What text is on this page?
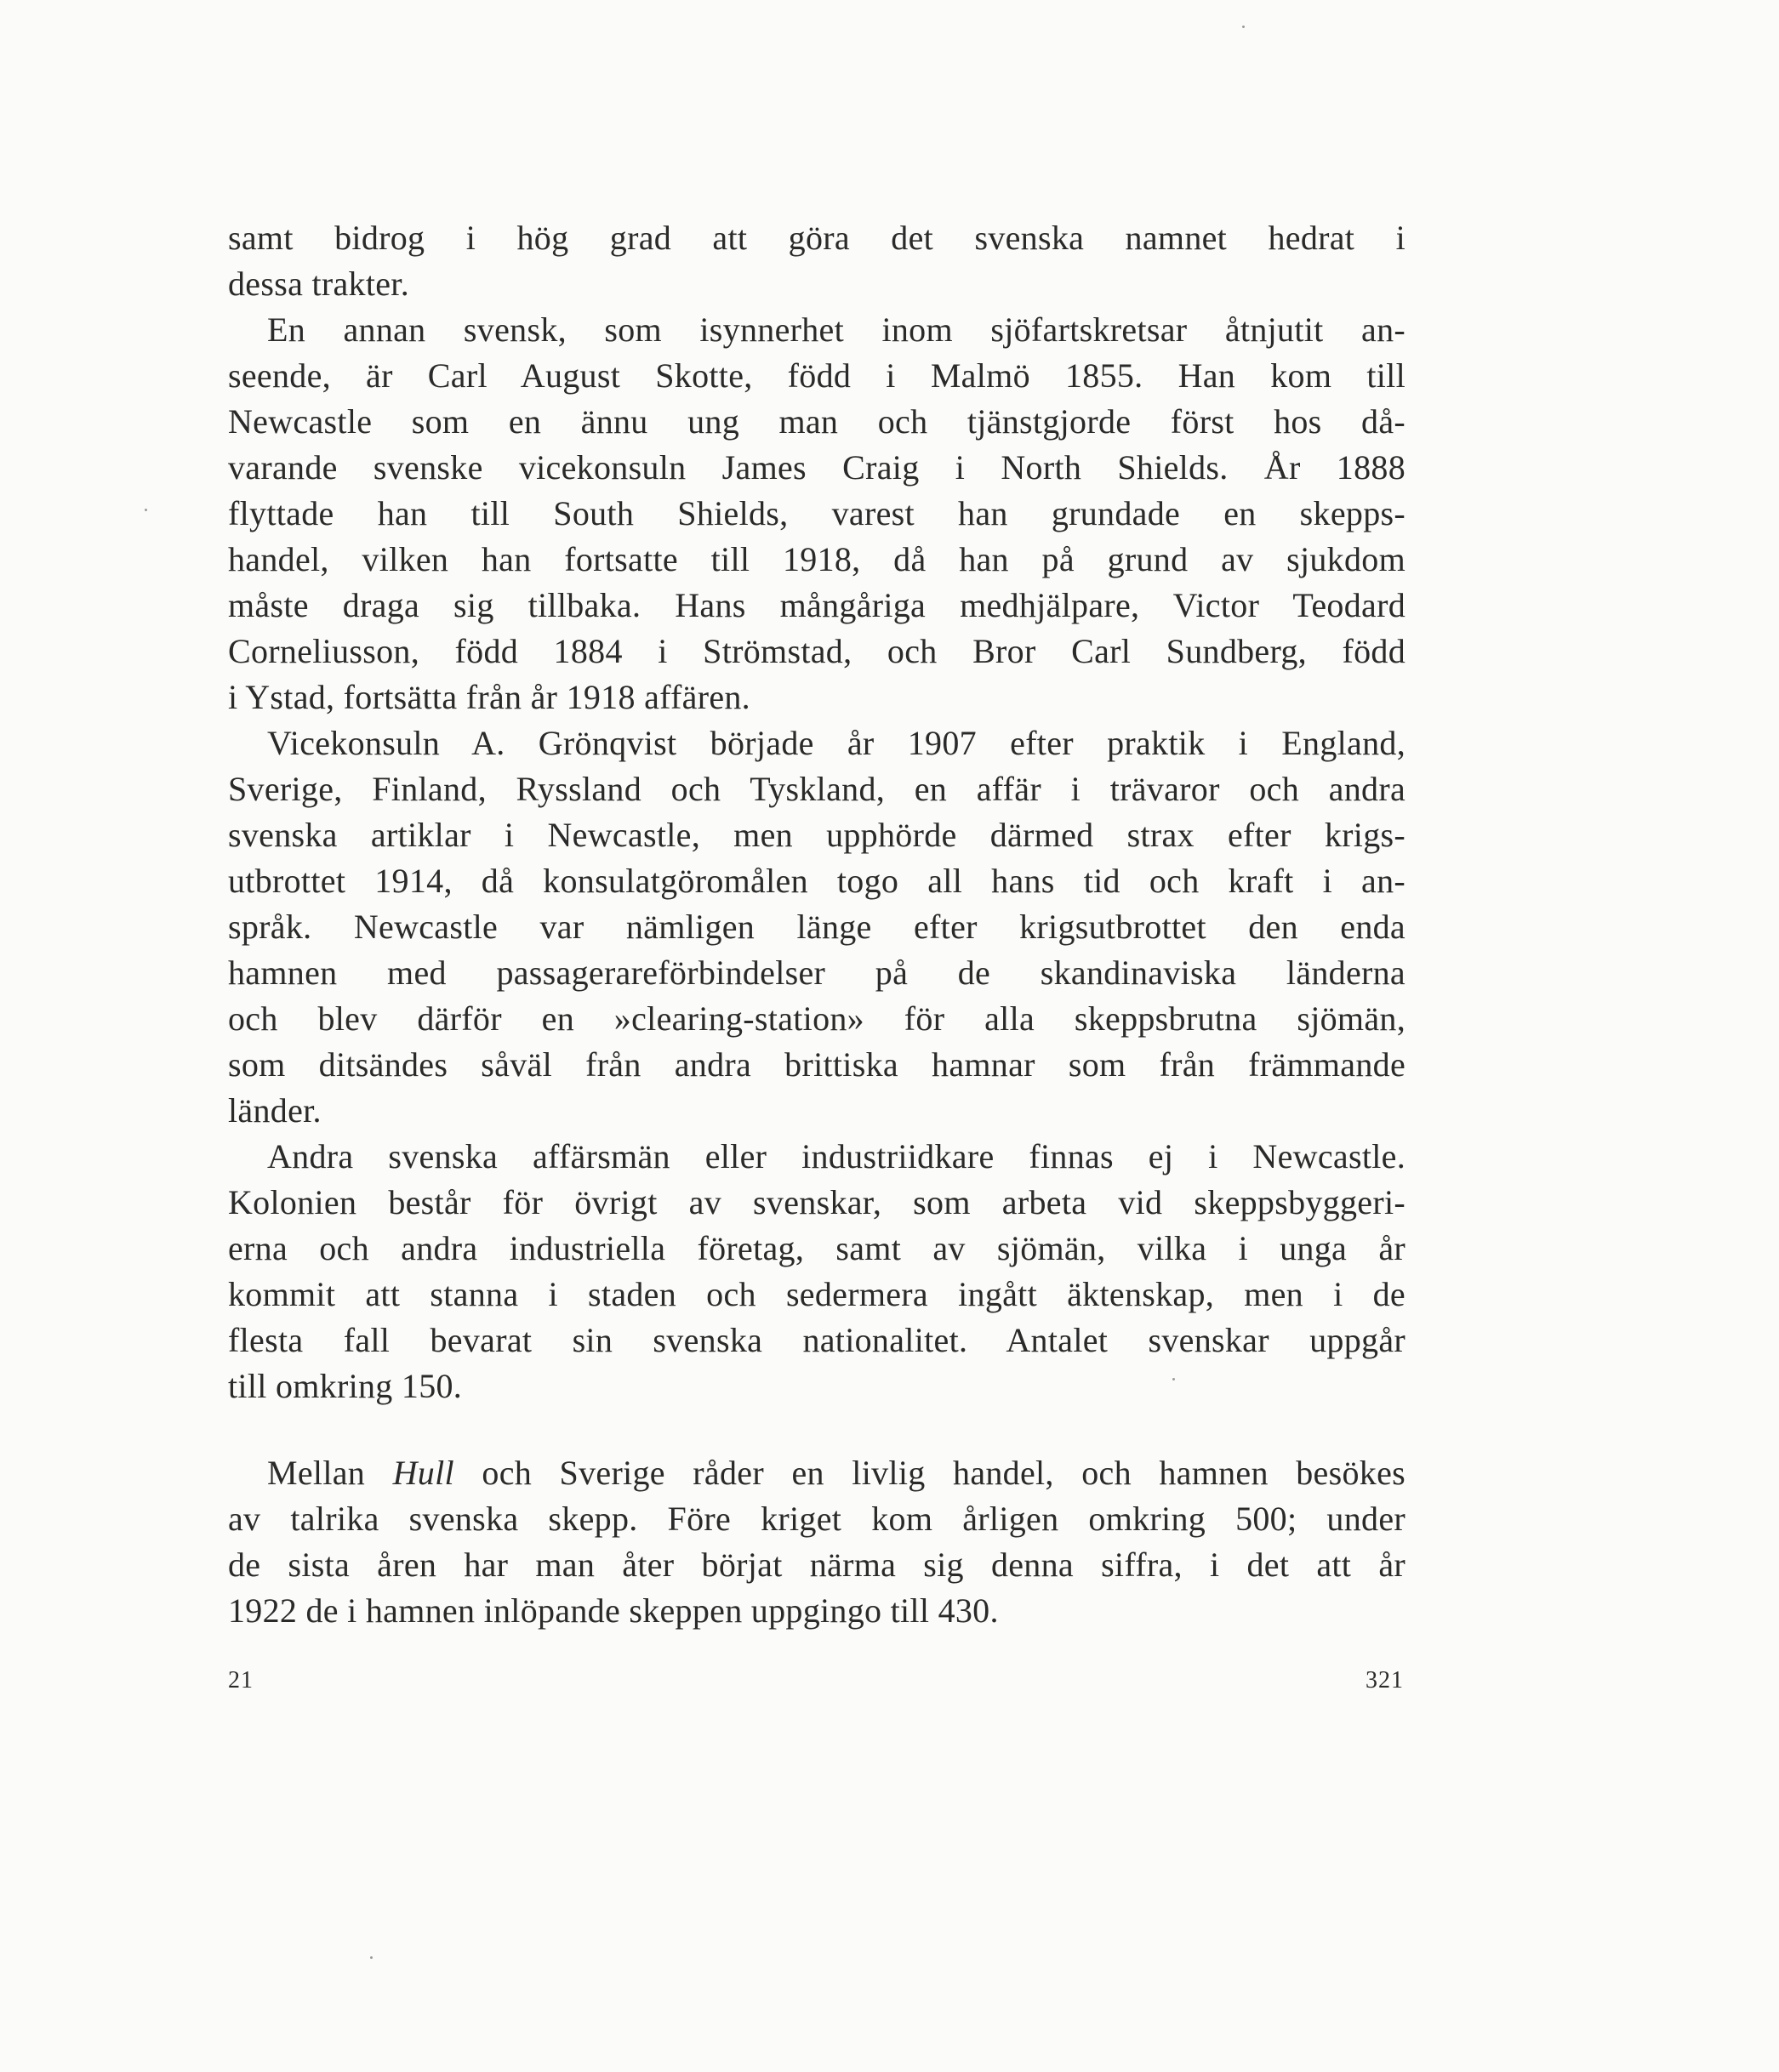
samt bidrog i hög grad att göra det svenska namnet hedrat i
dessa trakter.
En annan svensk, som isynnerhet inom sjöfartskretsar åtnjutit an-
seende, är Carl August Skotte, född i Malmö 1855. Han kom till
Newcastle som en ännu ung man och tjänstgjorde först hos då-
varande svenske vicekonsuln James Craig i North Shields. År 1888
flyttade han till South Shields, varest han grundade en skepps-
handel, vilken han fortsatte till 1918, då han på grund av sjukdom
måste draga sig tillbaka. Hans mångåriga medhjälpare, Victor Teodard
Corneliusson, född 1884 i Strömstad, och Bror Carl Sundberg, född
i Ystad, fortsätta från år 1918 affären.
Vicekonsuln A. Grönqvist började år 1907 efter praktik i England,
Sverige, Finland, Ryssland och Tyskland, en affär i trävaror och andra
svenska artiklar i Newcastle, men upphörde därmed strax efter krigs-
utbrottet 1914, då konsulatgöromålen togo all hans tid och kraft i an-
språk. Newcastle var nämligen länge efter krigsutbrottet den enda
hamnen med passagerareförbindelser på de skandinaviska länderna
och blev därför en »clearing-station» för alla skeppsbrutna sjömän,
som ditsändes såväl från andra brittiska hamnar som från främmande
länder.
Andra svenska affärsmän eller industriidkare finnas ej i Newcastle.
Kolonien består för övrigt av svenskar, som arbeta vid skeppsbyggeri-
erna och andra industriella företag, samt av sjömän, vilka i unga år
kommit att stanna i staden och sedermera ingått äktenskap, men i de
flesta fall bevarat sin svenska nationalitet. Antalet svenskar uppgår
till omkring 150.
Mellan Hull och Sverige råder en livlig handel, och hamnen besökes
av talrika svenska skepp. Före kriget kom årligen omkring 500; under
de sista åren har man åter börjat närma sig denna siffra, i det att år
1922 de i hamnen inlöpande skeppen uppgingo till 430.
21	321
